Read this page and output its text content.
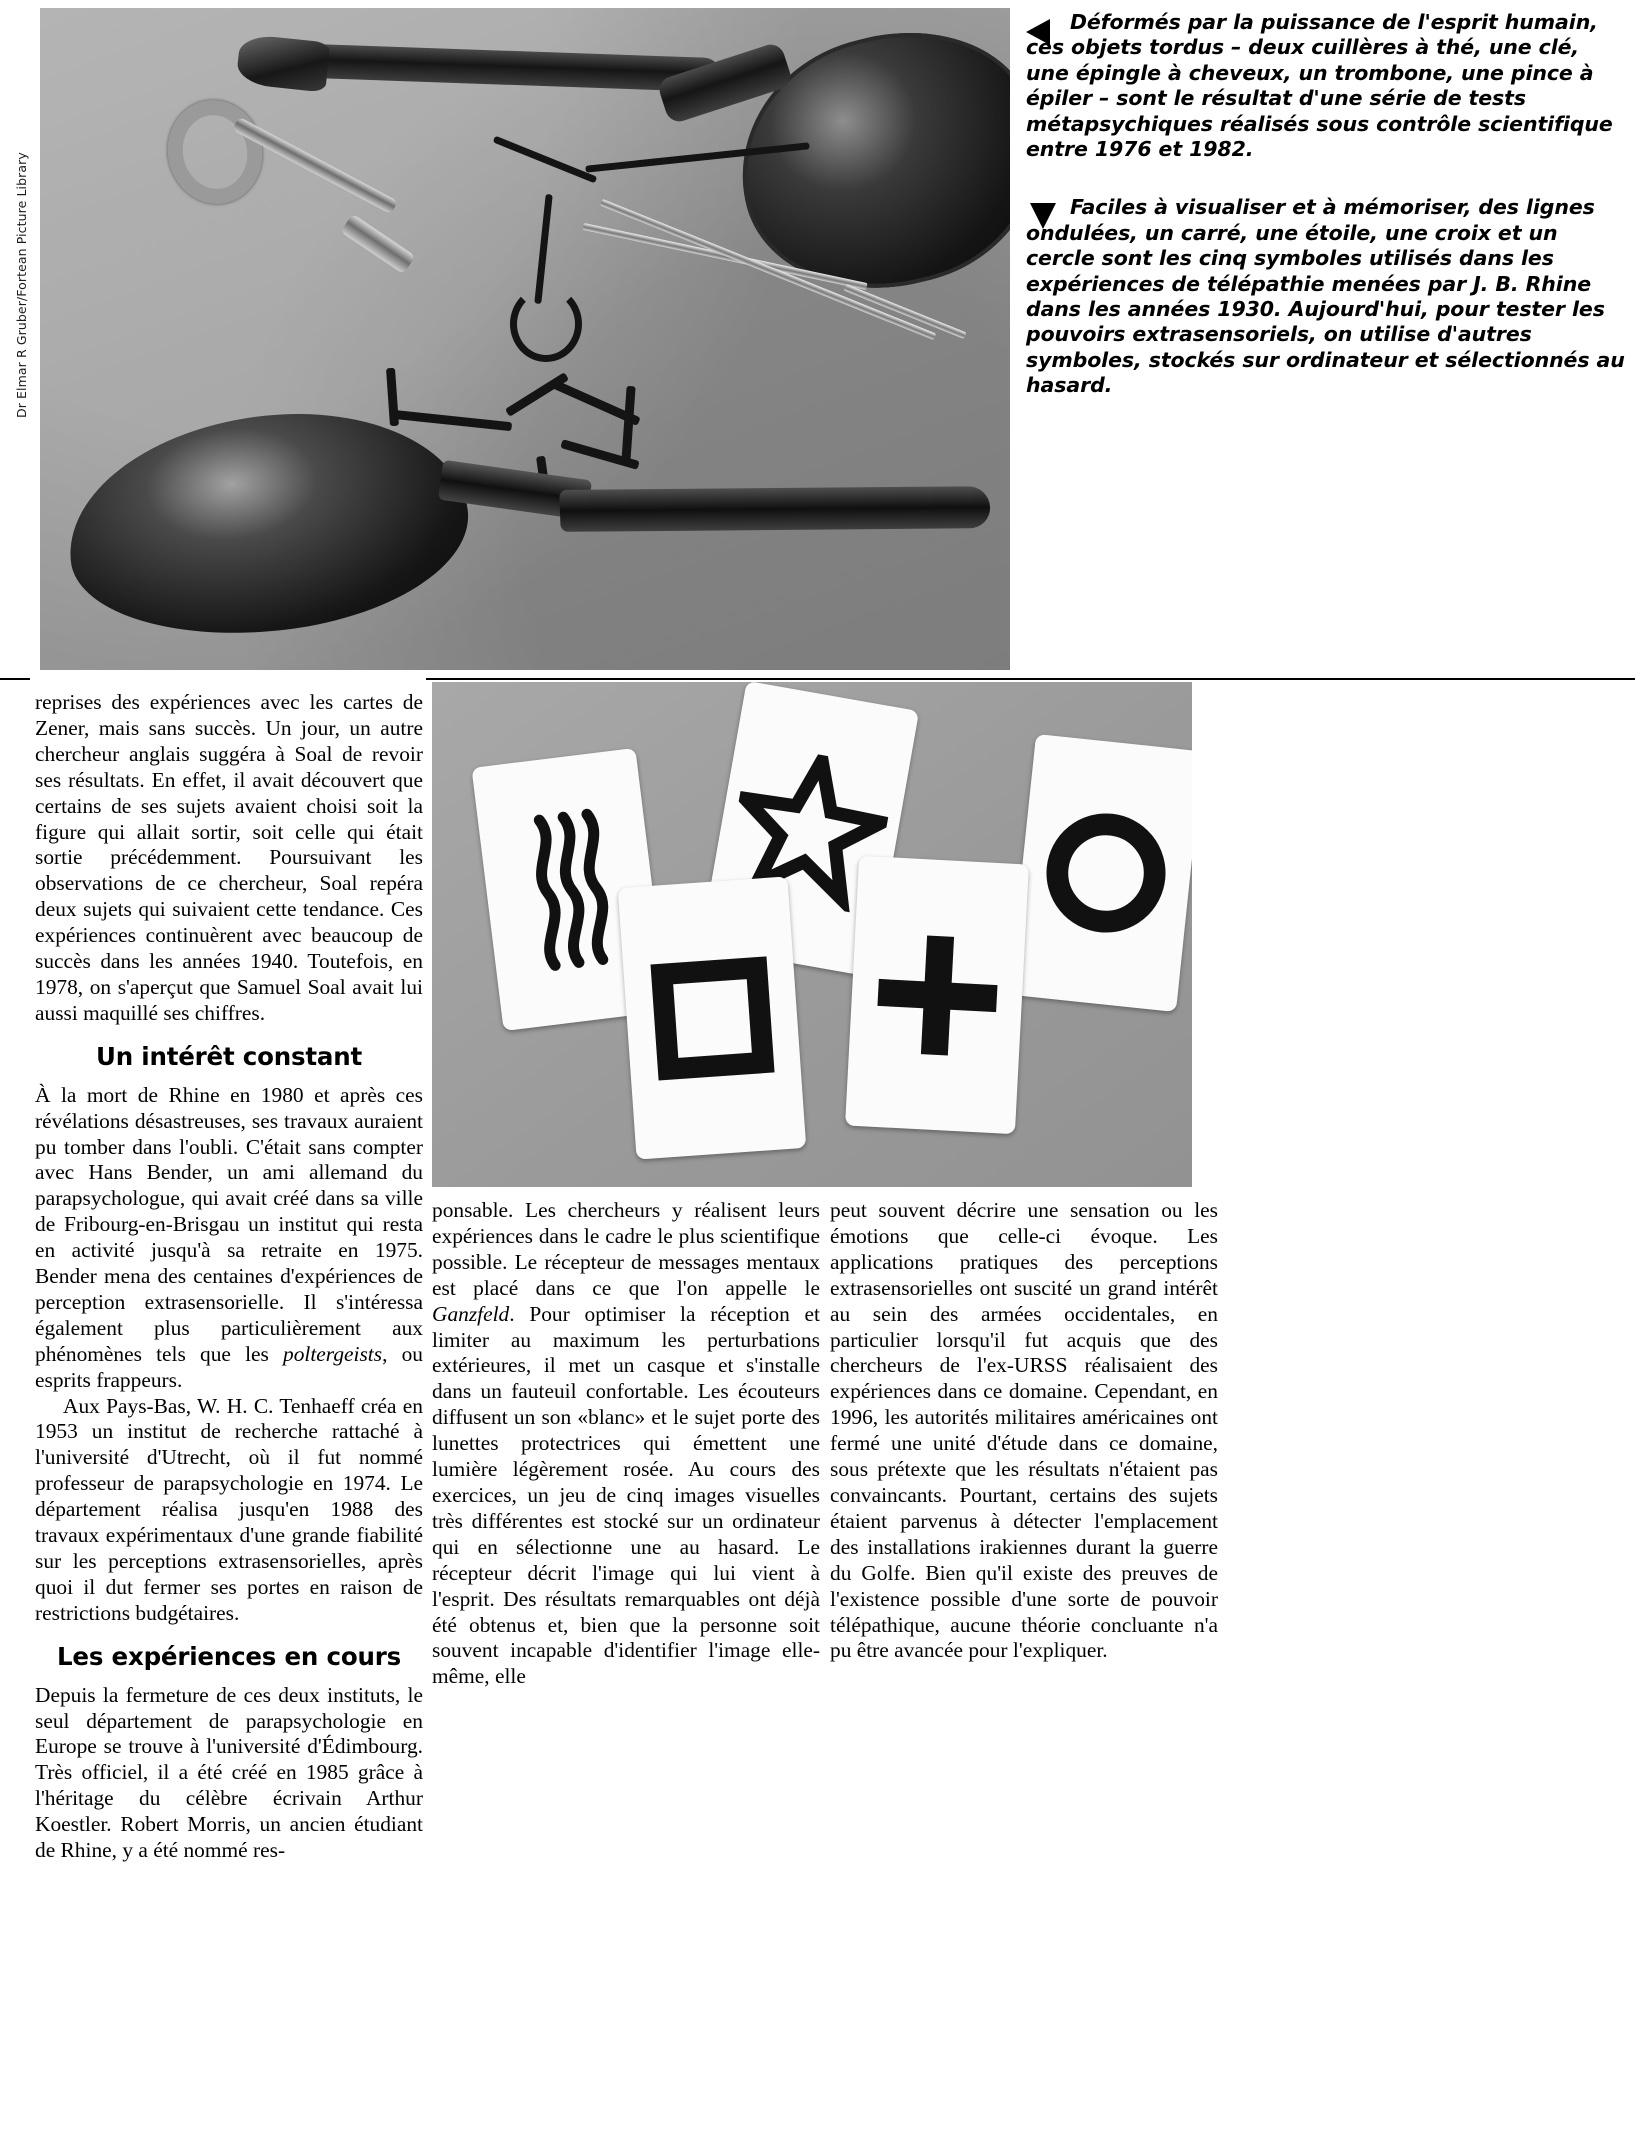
Dr Elmar R Gruber/Fortean Picture Library
Déformés par la puissance de l'esprit humain, ces objets tordus – deux cuillères à thé, une clé, une épingle à cheveux, un trombone, une pince à épiler – sont le résultat d'une série de tests métapsychiques réalisés sous contrôle scientifique entre 1976 et 1982.
Faciles à visualiser et à mémoriser, des lignes ondulées, un carré, une étoile, une croix et un cercle sont les cinq symboles utilisés dans les expériences de télépathie menées par J. B. Rhine dans les années 1930. Aujourd'hui, pour tester les pouvoirs extrasensoriels, on utilise d'autres symboles, stockés sur ordinateur et sélectionnés au hasard.

reprises des expériences avec les cartes de Zener, mais sans succès. Un jour, un autre chercheur anglais suggéra à Soal de revoir ses résultats. En effet, il avait découvert que certains de ses sujets avaient choisi soit la figure qui allait sortir, soit celle qui était sortie précédemment. Poursuivant les observations de ce chercheur, Soal repéra deux sujets qui suivaient cette tendance. Ces expériences continuèrent avec beaucoup de succès dans les années 1940. Toutefois, en 1978, on s'aperçut que Samuel Soal avait lui aussi maquillé ses chiffres.

Un intérêt constant

À la mort de Rhine en 1980 et après ces révélations désastreuses, ses travaux auraient pu tomber dans l'oubli. C'était sans compter avec Hans Bender, un ami allemand du parapsychologue, qui avait créé dans sa ville de Fribourg-en-Brisgau un institut qui resta en activité jusqu'à sa retraite en 1975. Bender mena des centaines d'expériences de perception extrasensorielle. Il s'intéressa également plus particulièrement aux phénomènes tels que les poltergeists, ou esprits frappeurs.

Aux Pays-Bas, W. H. C. Tenhaeff créa en 1953 un institut de recherche rattaché à l'université d'Utrecht, où il fut nommé professeur de parapsychologie en 1974. Le département réalisa jusqu'en 1988 des travaux expérimentaux d'une grande fiabilité sur les perceptions extrasensorielles, après quoi il dut fermer ses portes en raison de restrictions budgétaires.

Les expériences en cours

Depuis la fermeture de ces deux instituts, le seul département de parapsychologie en Europe se trouve à l'université d'Édimbourg. Très officiel, il a été créé en 1985 grâce à l'héritage du célèbre écrivain Arthur Koestler. Robert Morris, un ancien étudiant de Rhine, y a été nommé res-

ponsable. Les chercheurs y réalisent leurs expériences dans le cadre le plus scientifique possible. Le récepteur de messages mentaux est placé dans ce que l'on appelle le Ganzfeld. Pour optimiser la réception et limiter au maximum les perturbations extérieures, il met un casque et s'installe dans un fauteuil confortable. Les écouteurs diffusent un son «blanc» et le sujet porte des lunettes protectrices qui émettent une lumière légèrement rosée. Au cours des exercices, un jeu de cinq images visuelles très différentes est stocké sur un ordinateur qui en sélectionne une au hasard. Le récepteur décrit l'image qui lui vient à l'esprit. Des résultats remarquables ont déjà été obtenus et, bien que la personne soit souvent incapable d'identifier l'image elle-même, elle

peut souvent décrire une sensation ou les émotions que celle-ci évoque. Les applications pratiques des perceptions extrasensorielles ont suscité un grand intérêt au sein des armées occidentales, en particulier lorsqu'il fut acquis que des chercheurs de l'ex-URSS réalisaient des expériences dans ce domaine. Cependant, en 1996, les autorités militaires américaines ont fermé une unité d'étude dans ce domaine, sous prétexte que les résultats n'étaient pas convaincants. Pourtant, certains des sujets étaient parvenus à détecter l'emplacement des installations irakiennes durant la guerre du Golfe. Bien qu'il existe des preuves de l'existence possible d'une sorte de pouvoir télépathique, aucune théorie concluante n'a pu être avancée pour l'expliquer.
